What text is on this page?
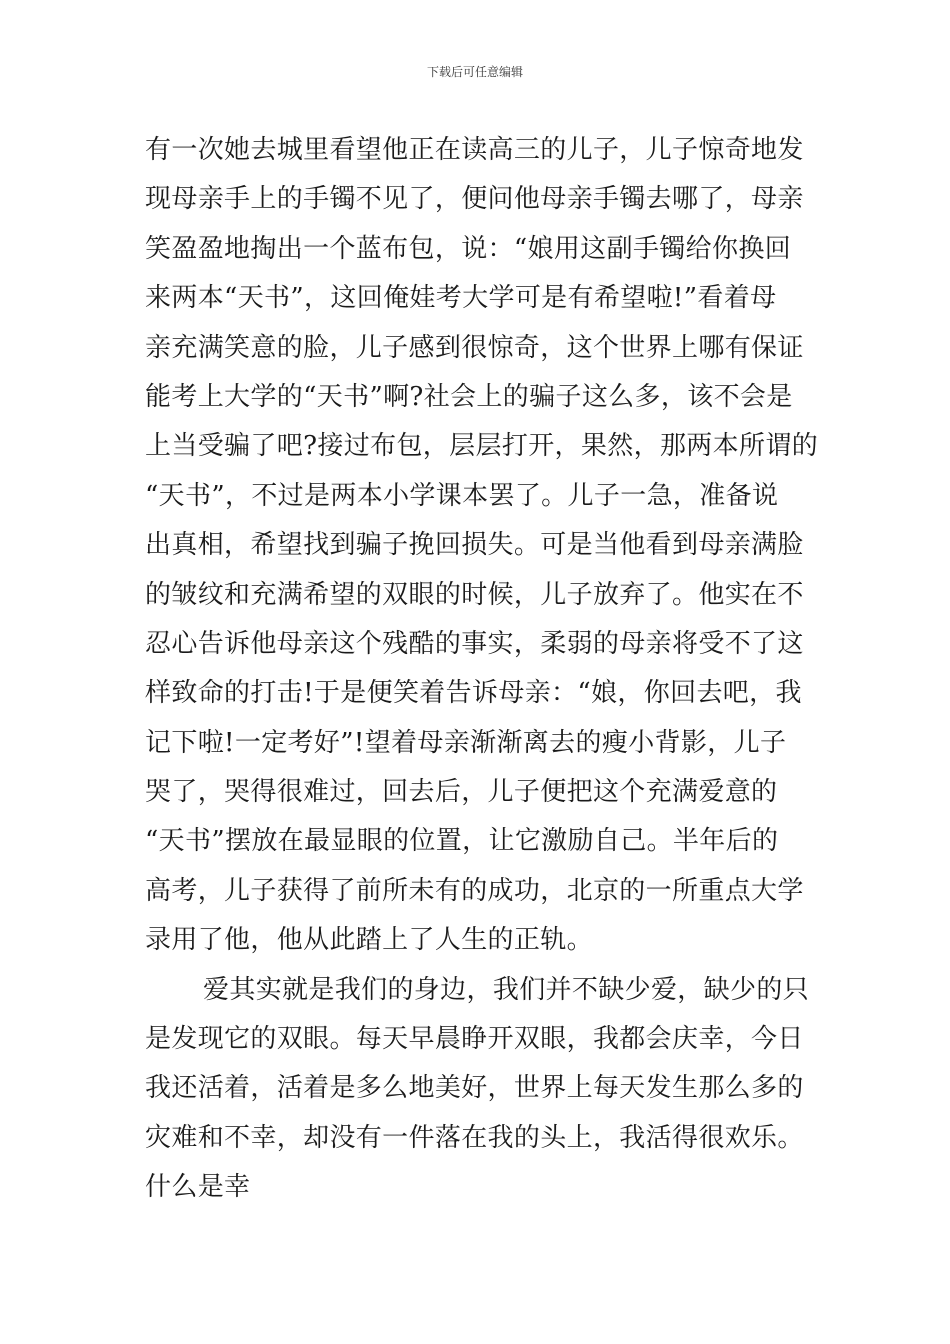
下载后可任意编辑
有一次她去城里看望他正在读高三的儿子，儿子惊奇地发
现母亲手上的手镯不见了，便问他母亲手镯去哪了，母亲
笑盈盈地掏出一个蓝布包，说：“娘用这副手镯给你换回
来两本“天书”，这回俺娃考大学可是有希望啦!”看着母
亲充满笑意的脸，儿子感到很惊奇，这个世界上哪有保证
能考上大学的“天书”啊?社会上的骗子这么多，该不会是
上当受骗了吧?接过布包，层层打开，果然，那两本所谓的
“天书”，不过是两本小学课本罢了。儿子一急，准备说
出真相，希望找到骗子挽回损失。可是当他看到母亲满脸
的皱纹和充满希望的双眼的时候，儿子放弃了。他实在不
忍心告诉他母亲这个残酷的事实，柔弱的母亲将受不了这
样致命的打击!于是便笑着告诉母亲：“娘，你回去吧，我
记下啦!一定考好”!望着母亲渐渐离去的瘦小背影，儿子
哭了，哭得很难过，回去后，儿子便把这个充满爱意的
“天书”摆放在最显眼的位置，让它激励自己。半年后的
高考，儿子获得了前所未有的成功，北京的一所重点大学
录用了他，他从此踏上了人生的正轨。
爱其实就是我们的身边，我们并不缺少爱，缺少的只
是发现它的双眼。每天早晨睁开双眼，我都会庆幸，今日
我还活着，活着是多么地美好，世界上每天发生那么多的
灾难和不幸，却没有一件落在我的头上，我活得很欢乐。
什么是幸
